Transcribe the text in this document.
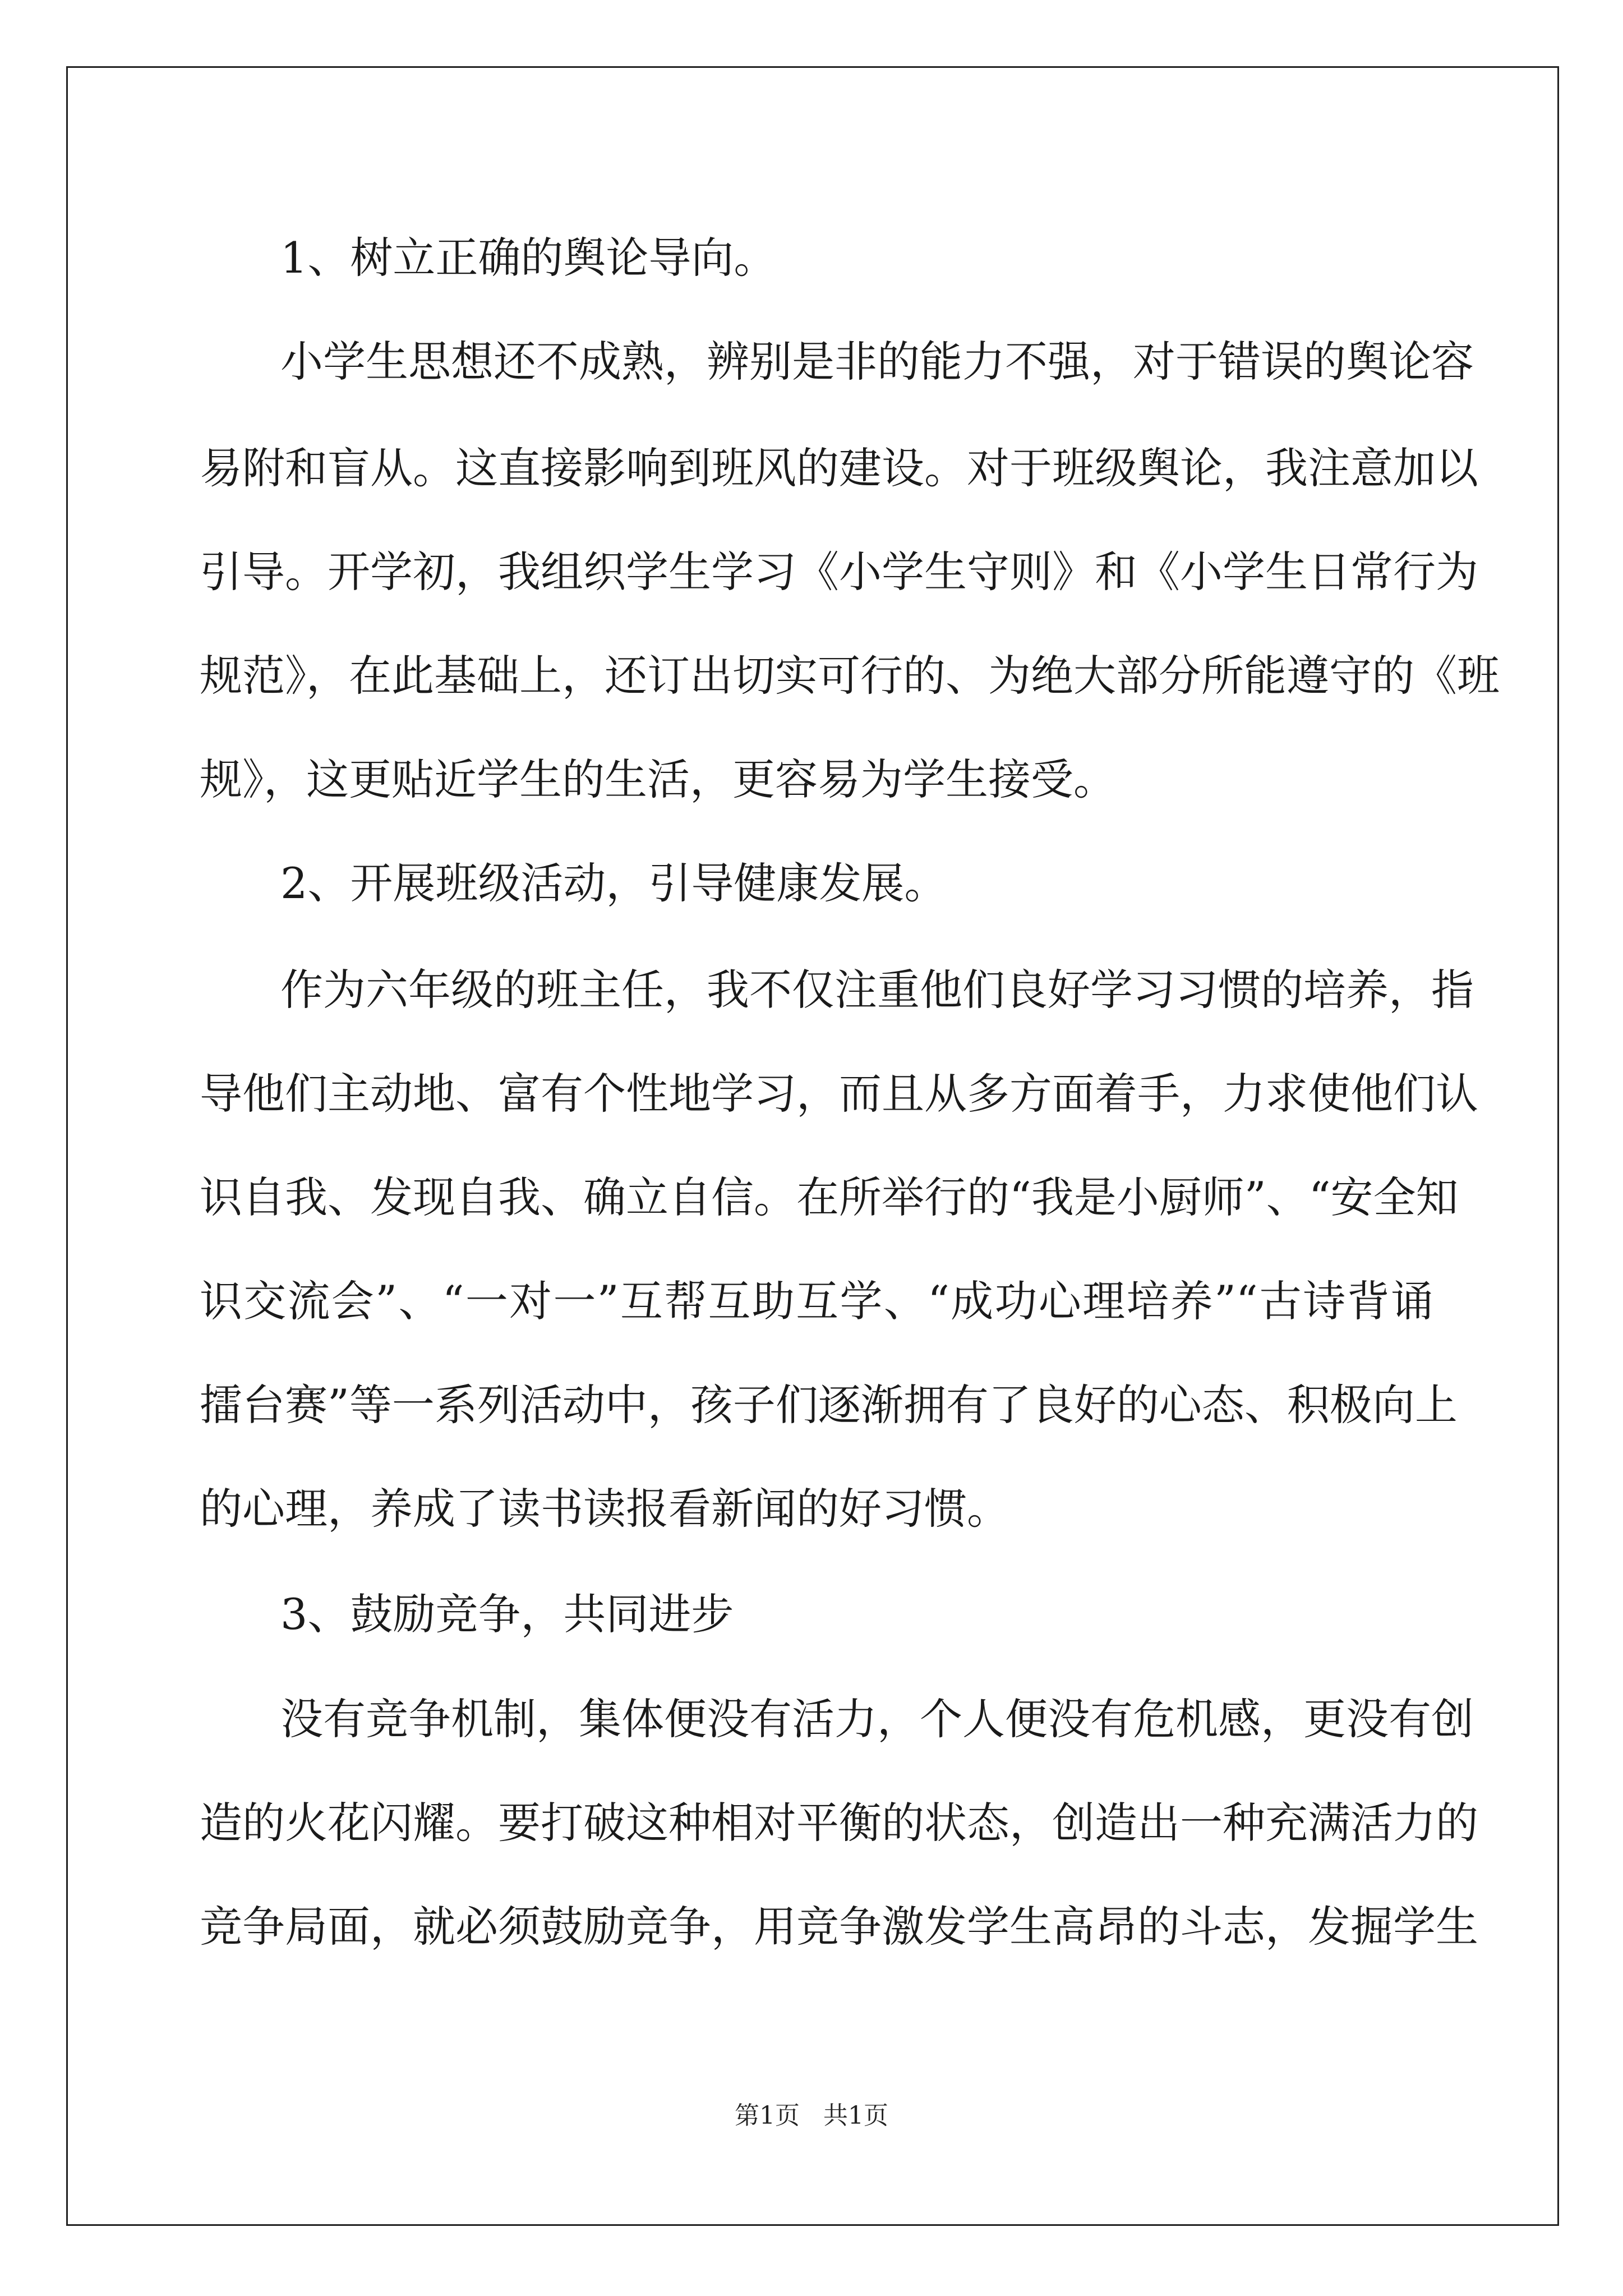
1、树立正确的舆论导向。
小学生思想还不成熟，辨别是非的能力不强，对于错误的舆论容
易附和盲从。这直接影响到班风的建设。对于班级舆论，我注意加以
引导。开学初，我组织学生学习《小学生守则》和《小学生日常行为
规范》，在此基础上，还订出切实可行的、为绝大部分所能遵守的《班
规》，这更贴近学生的生活，更容易为学生接受。
2、开展班级活动，引导健康发展。
作为六年级的班主任，我不仅注重他们良好学习习惯的培养，指
导他们主动地、富有个性地学习，而且从多方面着手，力求使他们认
识自我、发现自我、确立自信。在所举行的“我是小厨师”、“安全知
识交流会”、“一对一”互帮互助互学、“成功心理培养”“古诗背诵
擂台赛”等一系列活动中，孩子们逐渐拥有了良好的心态、积极向上
的心理，养成了读书读报看新闻的好习惯。
3、鼓励竞争，共同进步
没有竞争机制，集体便没有活力，个人便没有危机感，更没有创
造的火花闪耀。要打破这种相对平衡的状态，创造出一种充满活力的
竞争局面，就必须鼓励竞争，用竞争激发学生高昂的斗志，发掘学生
第1页   共1页
